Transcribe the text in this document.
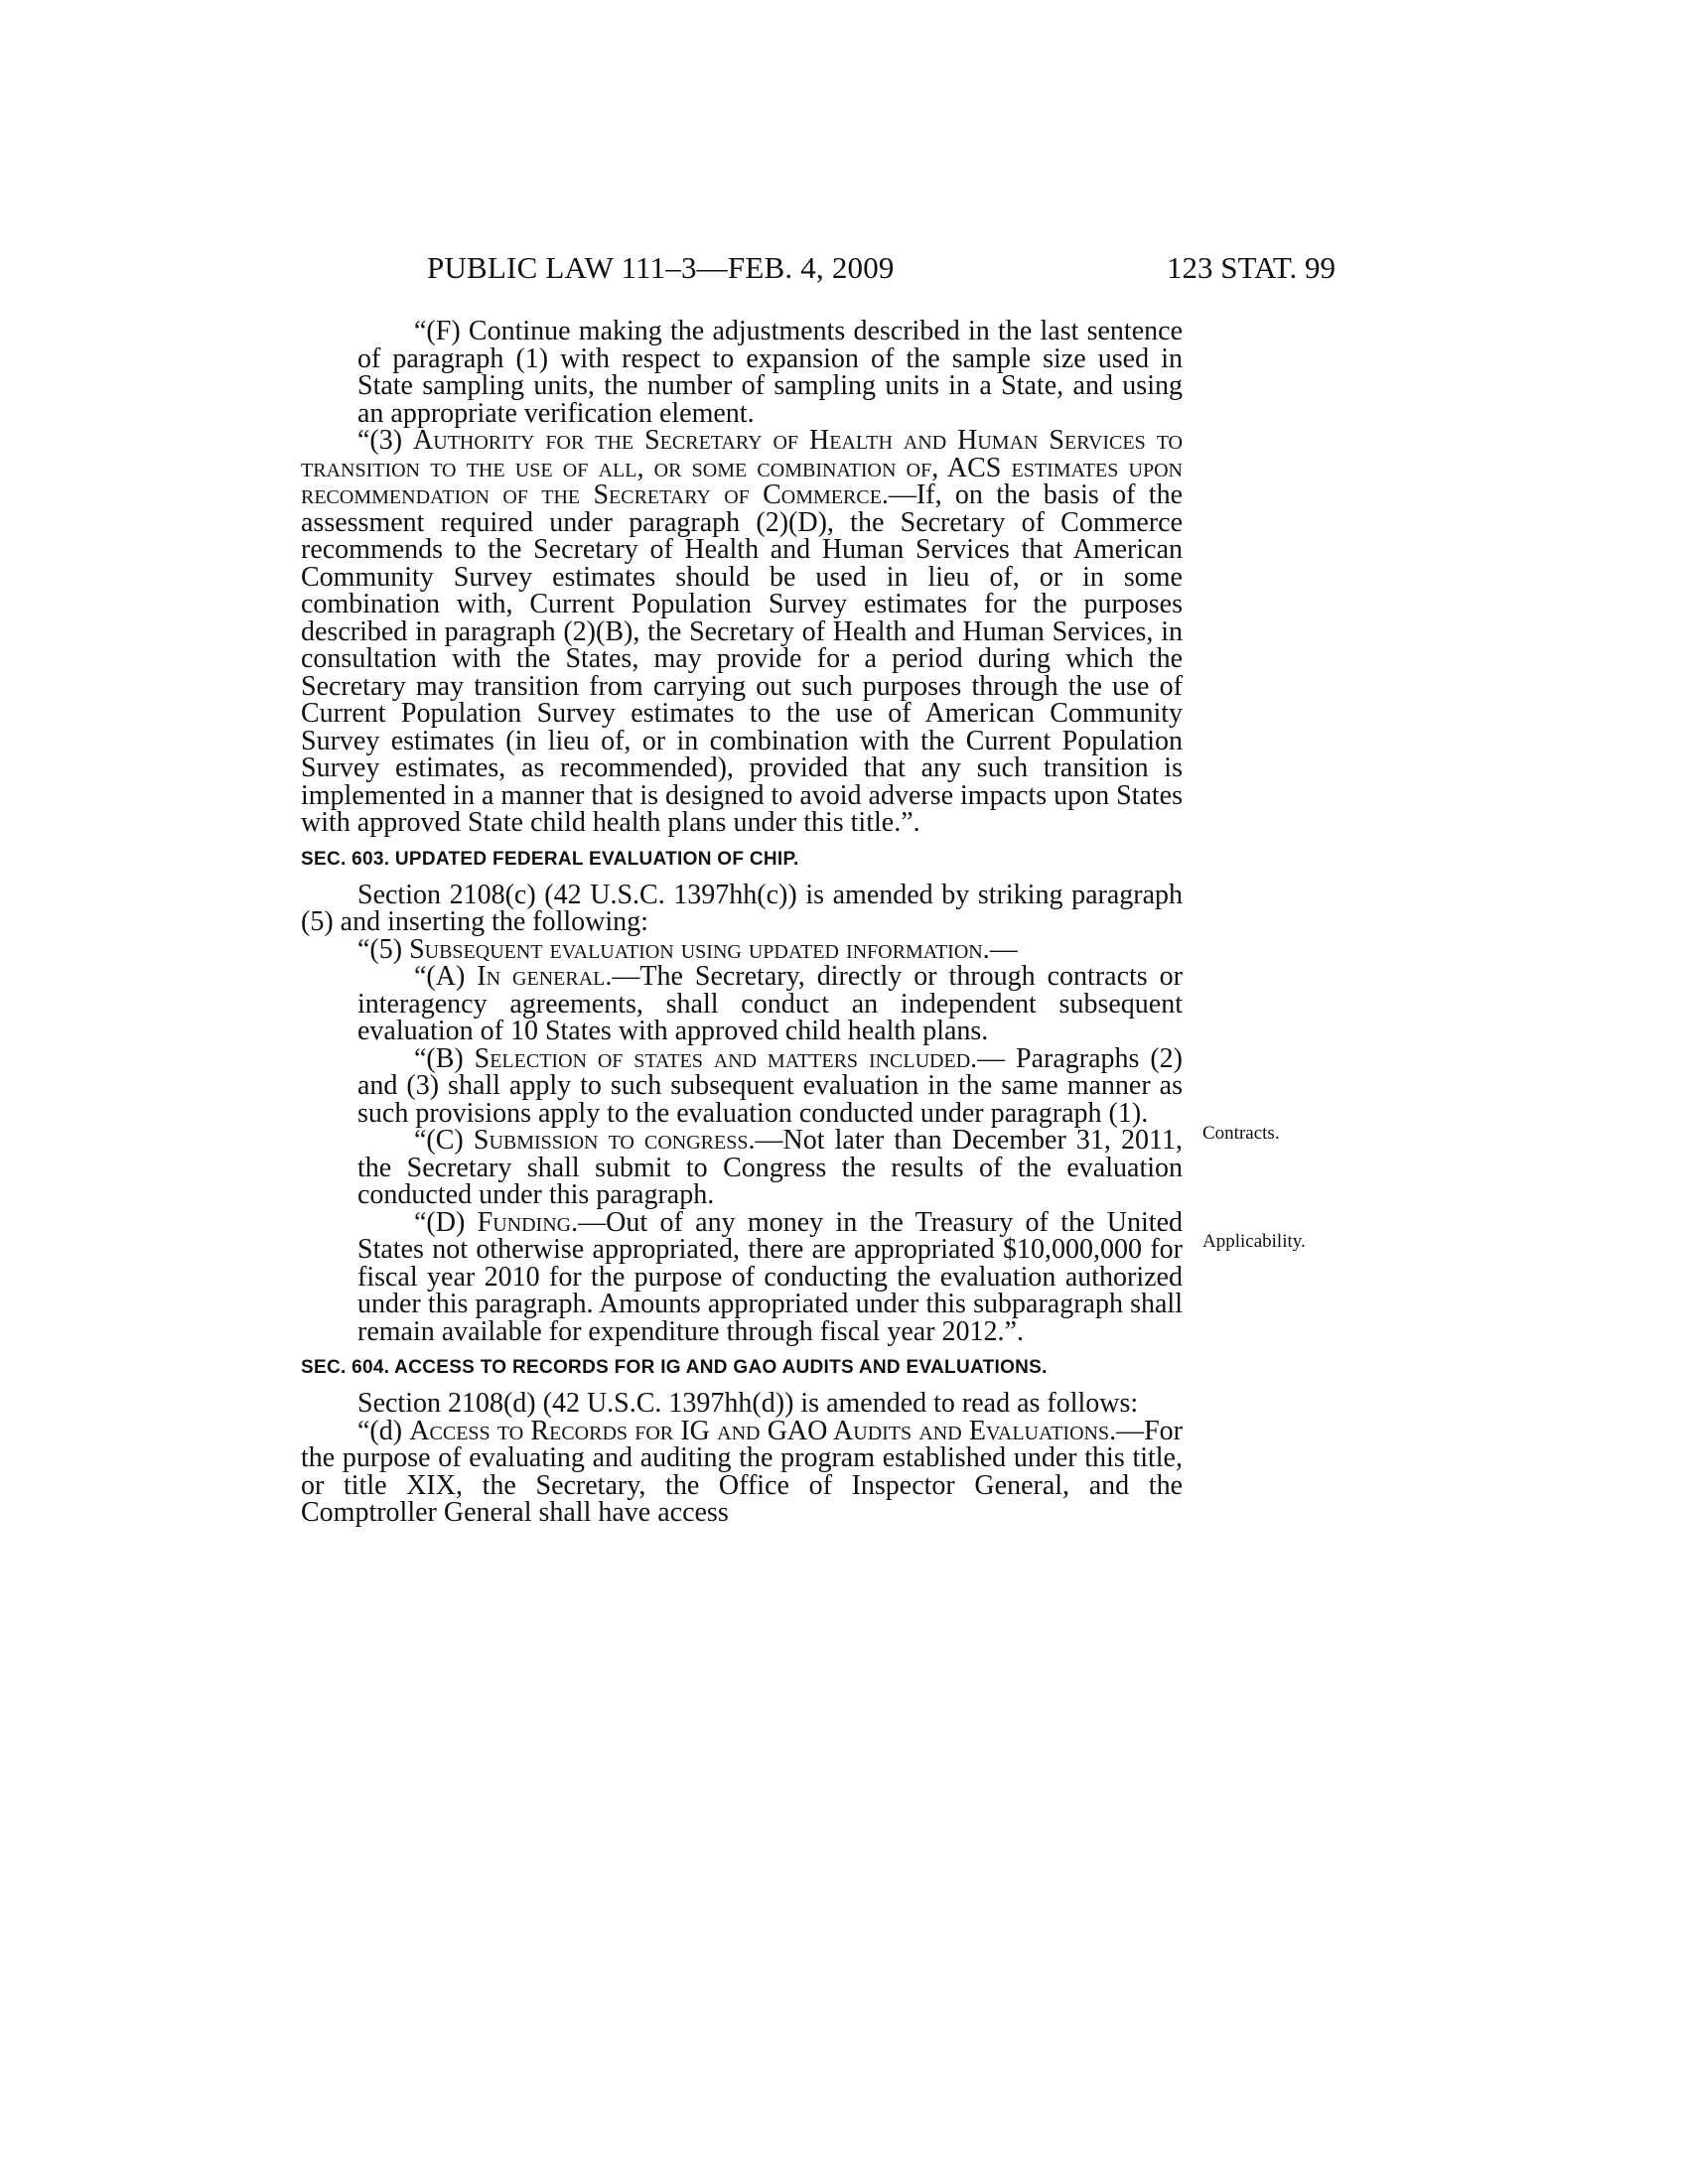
PUBLIC LAW 111–3—FEB. 4, 2009	123 STAT. 99

“(F) Continue making the adjustments described in the last sentence of paragraph (1) with respect to expansion of the sample size used in State sampling units, the number of sampling units in a State, and using an appropriate verification element.

“(3) Authority for the Secretary of Health and Human Services to transition to the use of all, or some combination of, ACS estimates upon recommendation of the Secretary of Commerce.—If, on the basis of the assessment required under paragraph (2)(D), the Secretary of Commerce recommends to the Secretary of Health and Human Services that American Community Survey estimates should be used in lieu of, or in some combination with, Current Population Survey estimates for the purposes described in paragraph (2)(B), the Secretary of Health and Human Services, in consultation with the States, may provide for a period during which the Secretary may transition from carrying out such purposes through the use of Current Population Survey estimates to the use of American Community Survey estimates (in lieu of, or in combination with the Current Population Survey estimates, as recommended), provided that any such transition is implemented in a manner that is designed to avoid adverse impacts upon States with approved State child health plans under this title.”.

SEC. 603. UPDATED FEDERAL EVALUATION OF CHIP.

Section 2108(c) (42 U.S.C. 1397hh(c)) is amended by striking paragraph (5) and inserting the following:

“(5) Subsequent evaluation using updated information.—

“(A) In general.—The Secretary, directly or through contracts or interagency agreements, shall conduct an independent subsequent evaluation of 10 States with approved child health plans.

“(B) Selection of states and matters included.— Paragraphs (2) and (3) shall apply to such subsequent evaluation in the same manner as such provisions apply to the evaluation conducted under paragraph (1).

“(C) Submission to congress.—Not later than December 31, 2011, the Secretary shall submit to Congress the results of the evaluation conducted under this paragraph.

“(D) Funding.—Out of any money in the Treasury of the United States not otherwise appropriated, there are appropriated $10,000,000 for fiscal year 2010 for the purpose of conducting the evaluation authorized under this paragraph. Amounts appropriated under this subparagraph shall remain available for expenditure through fiscal year 2012.”.

SEC. 604. ACCESS TO RECORDS FOR IG AND GAO AUDITS AND EVALUATIONS.

Section 2108(d) (42 U.S.C. 1397hh(d)) is amended to read as follows:

“(d) Access to Records for IG and GAO Audits and Evaluations.—For the purpose of evaluating and auditing the program established under this title, or title XIX, the Secretary, the Office of Inspector General, and the Comptroller General shall have access

Contracts.
Applicability.
